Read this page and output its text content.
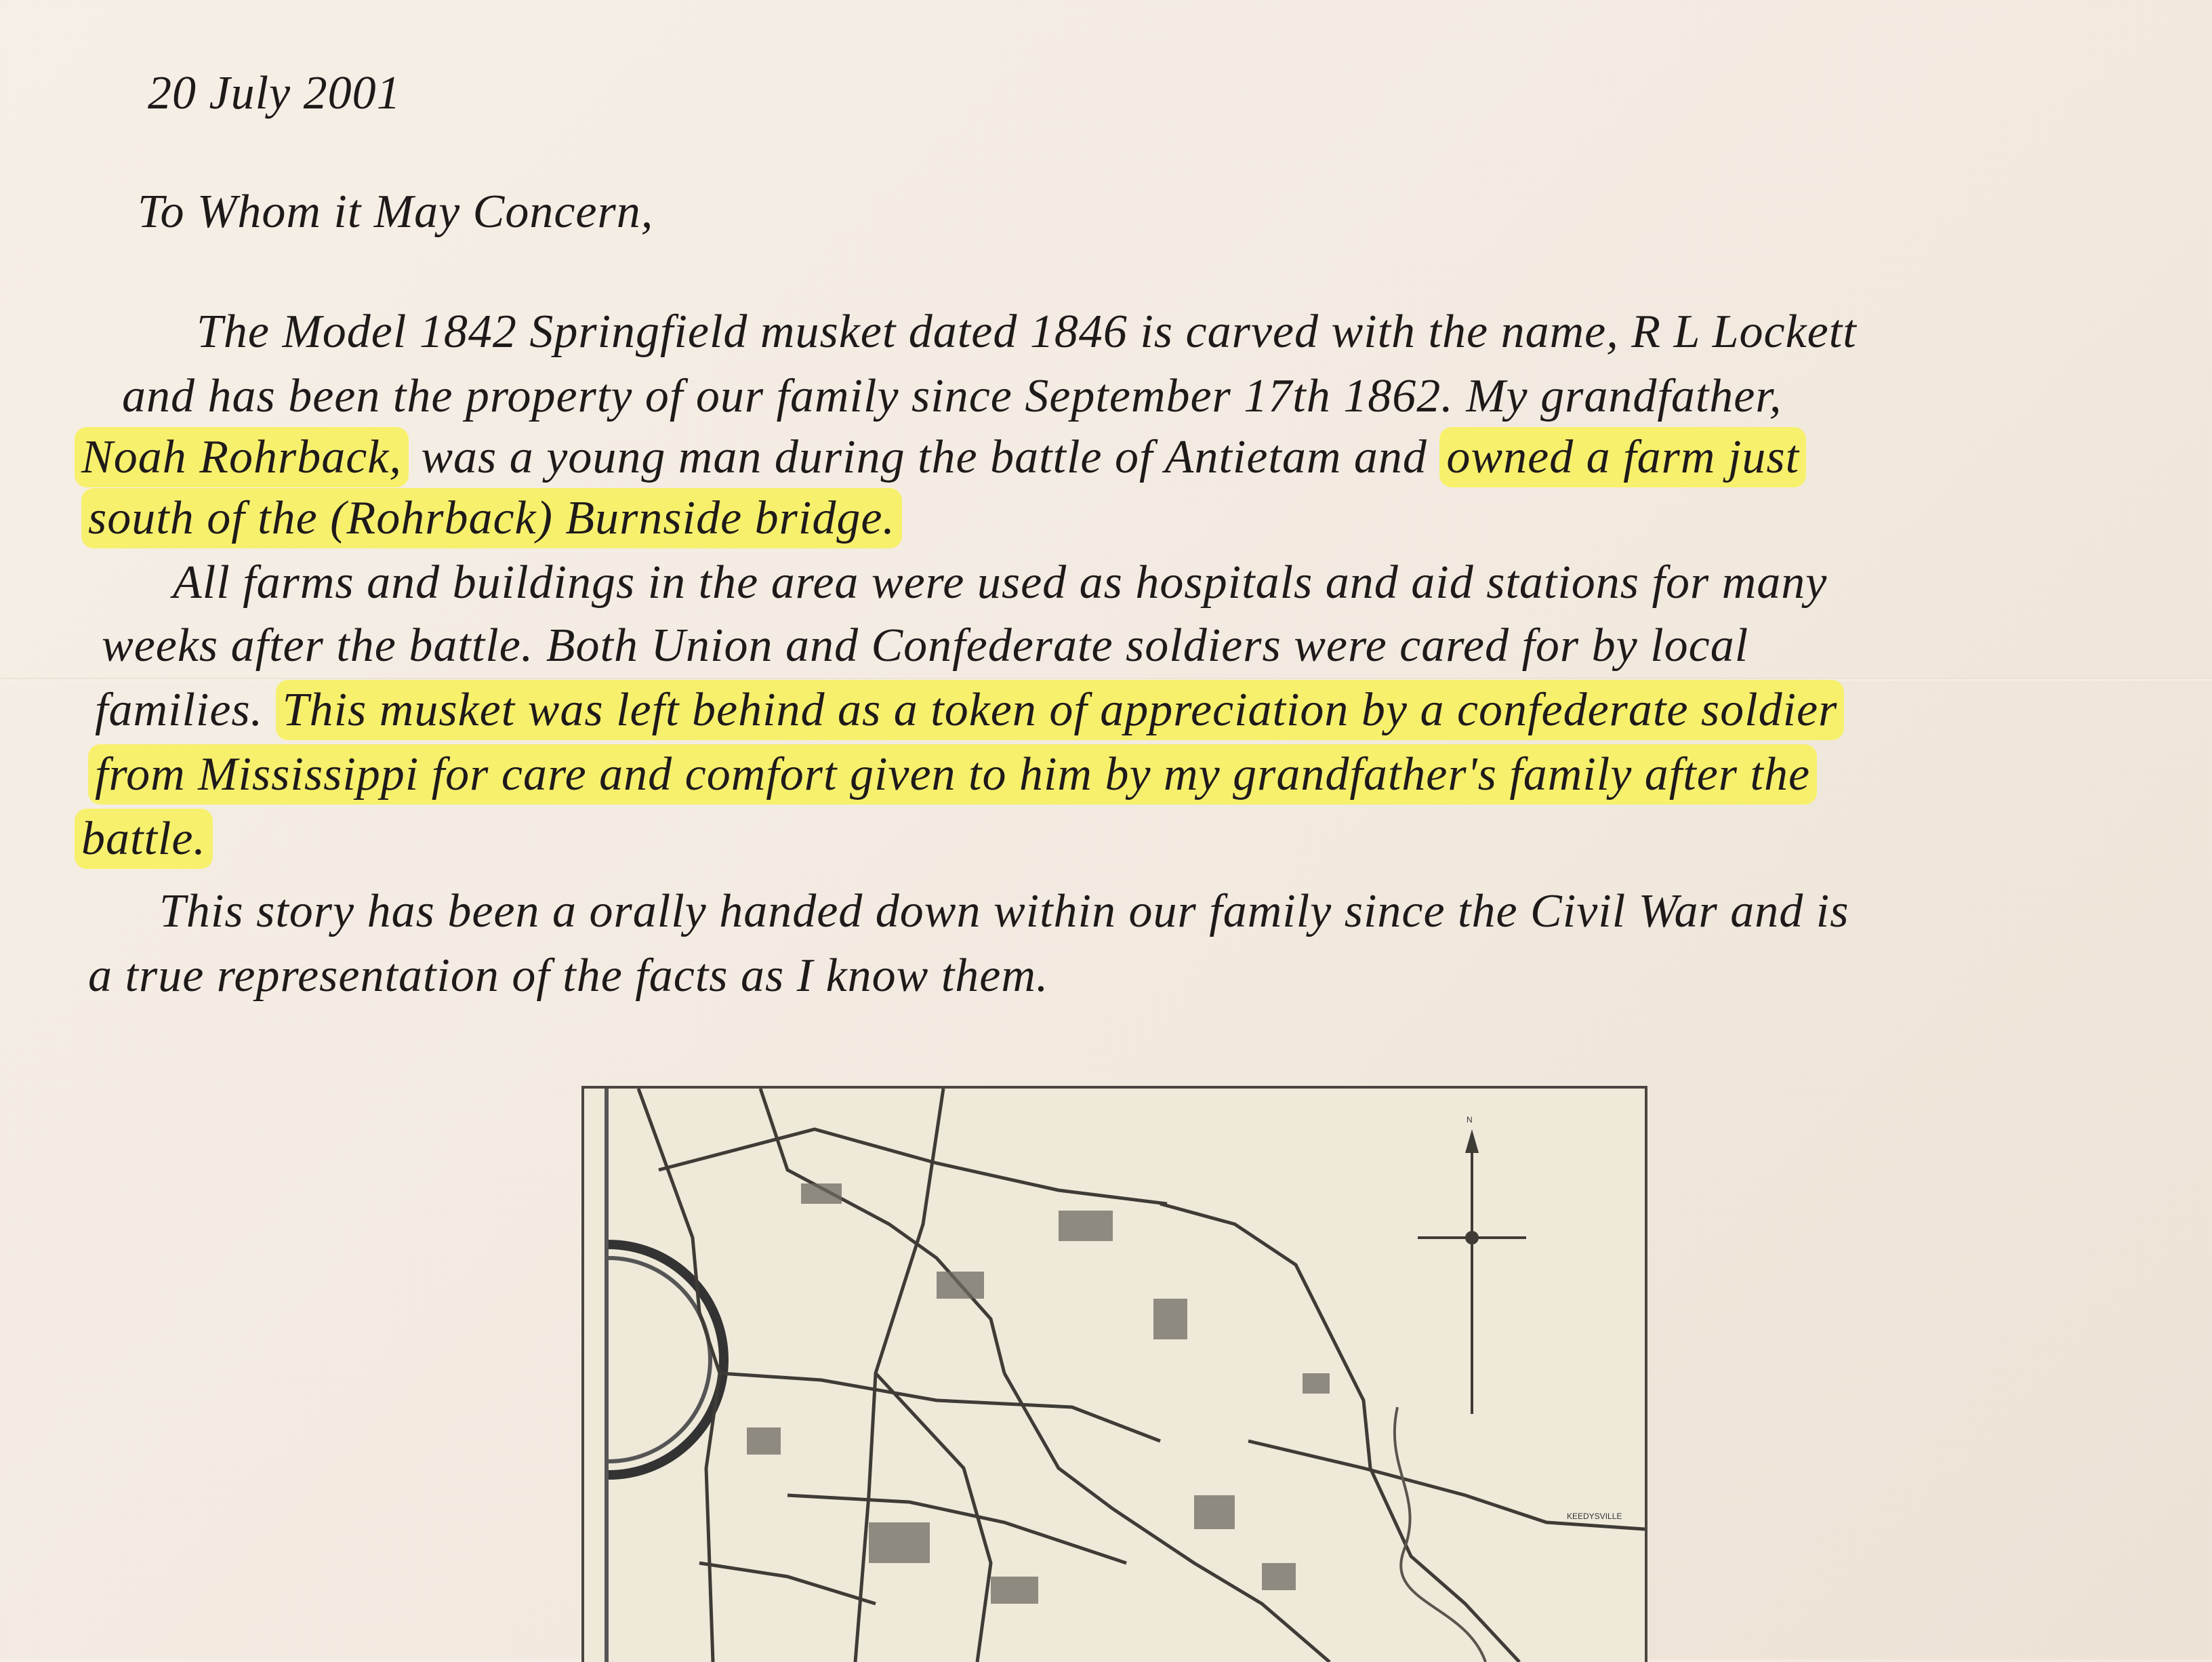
20 July 2001
To Whom it May Concern,
The Model 1842 Springfield musket dated 1846 is carved with the name, R L Lockett
and has been the property of our family since September 17th 1862. My grandfather,
Noah Rohrback, was a young man during the battle of Antietam and owned a farm just
south of the (Rohrback) Burnside bridge.
All farms and buildings in the area were used as hospitals and aid stations for many
weeks after the battle. Both Union and Confederate soldiers were cared for by local
families. This musket was left behind as a token of appreciation by a confederate soldier
from Mississippi for care and comfort given to him by my grandfather's family after the
battle.
This story has been a orally handed down within our family since the Civil War and is
a true representation of the facts as I know them.
N
KEEDYSVILLE
